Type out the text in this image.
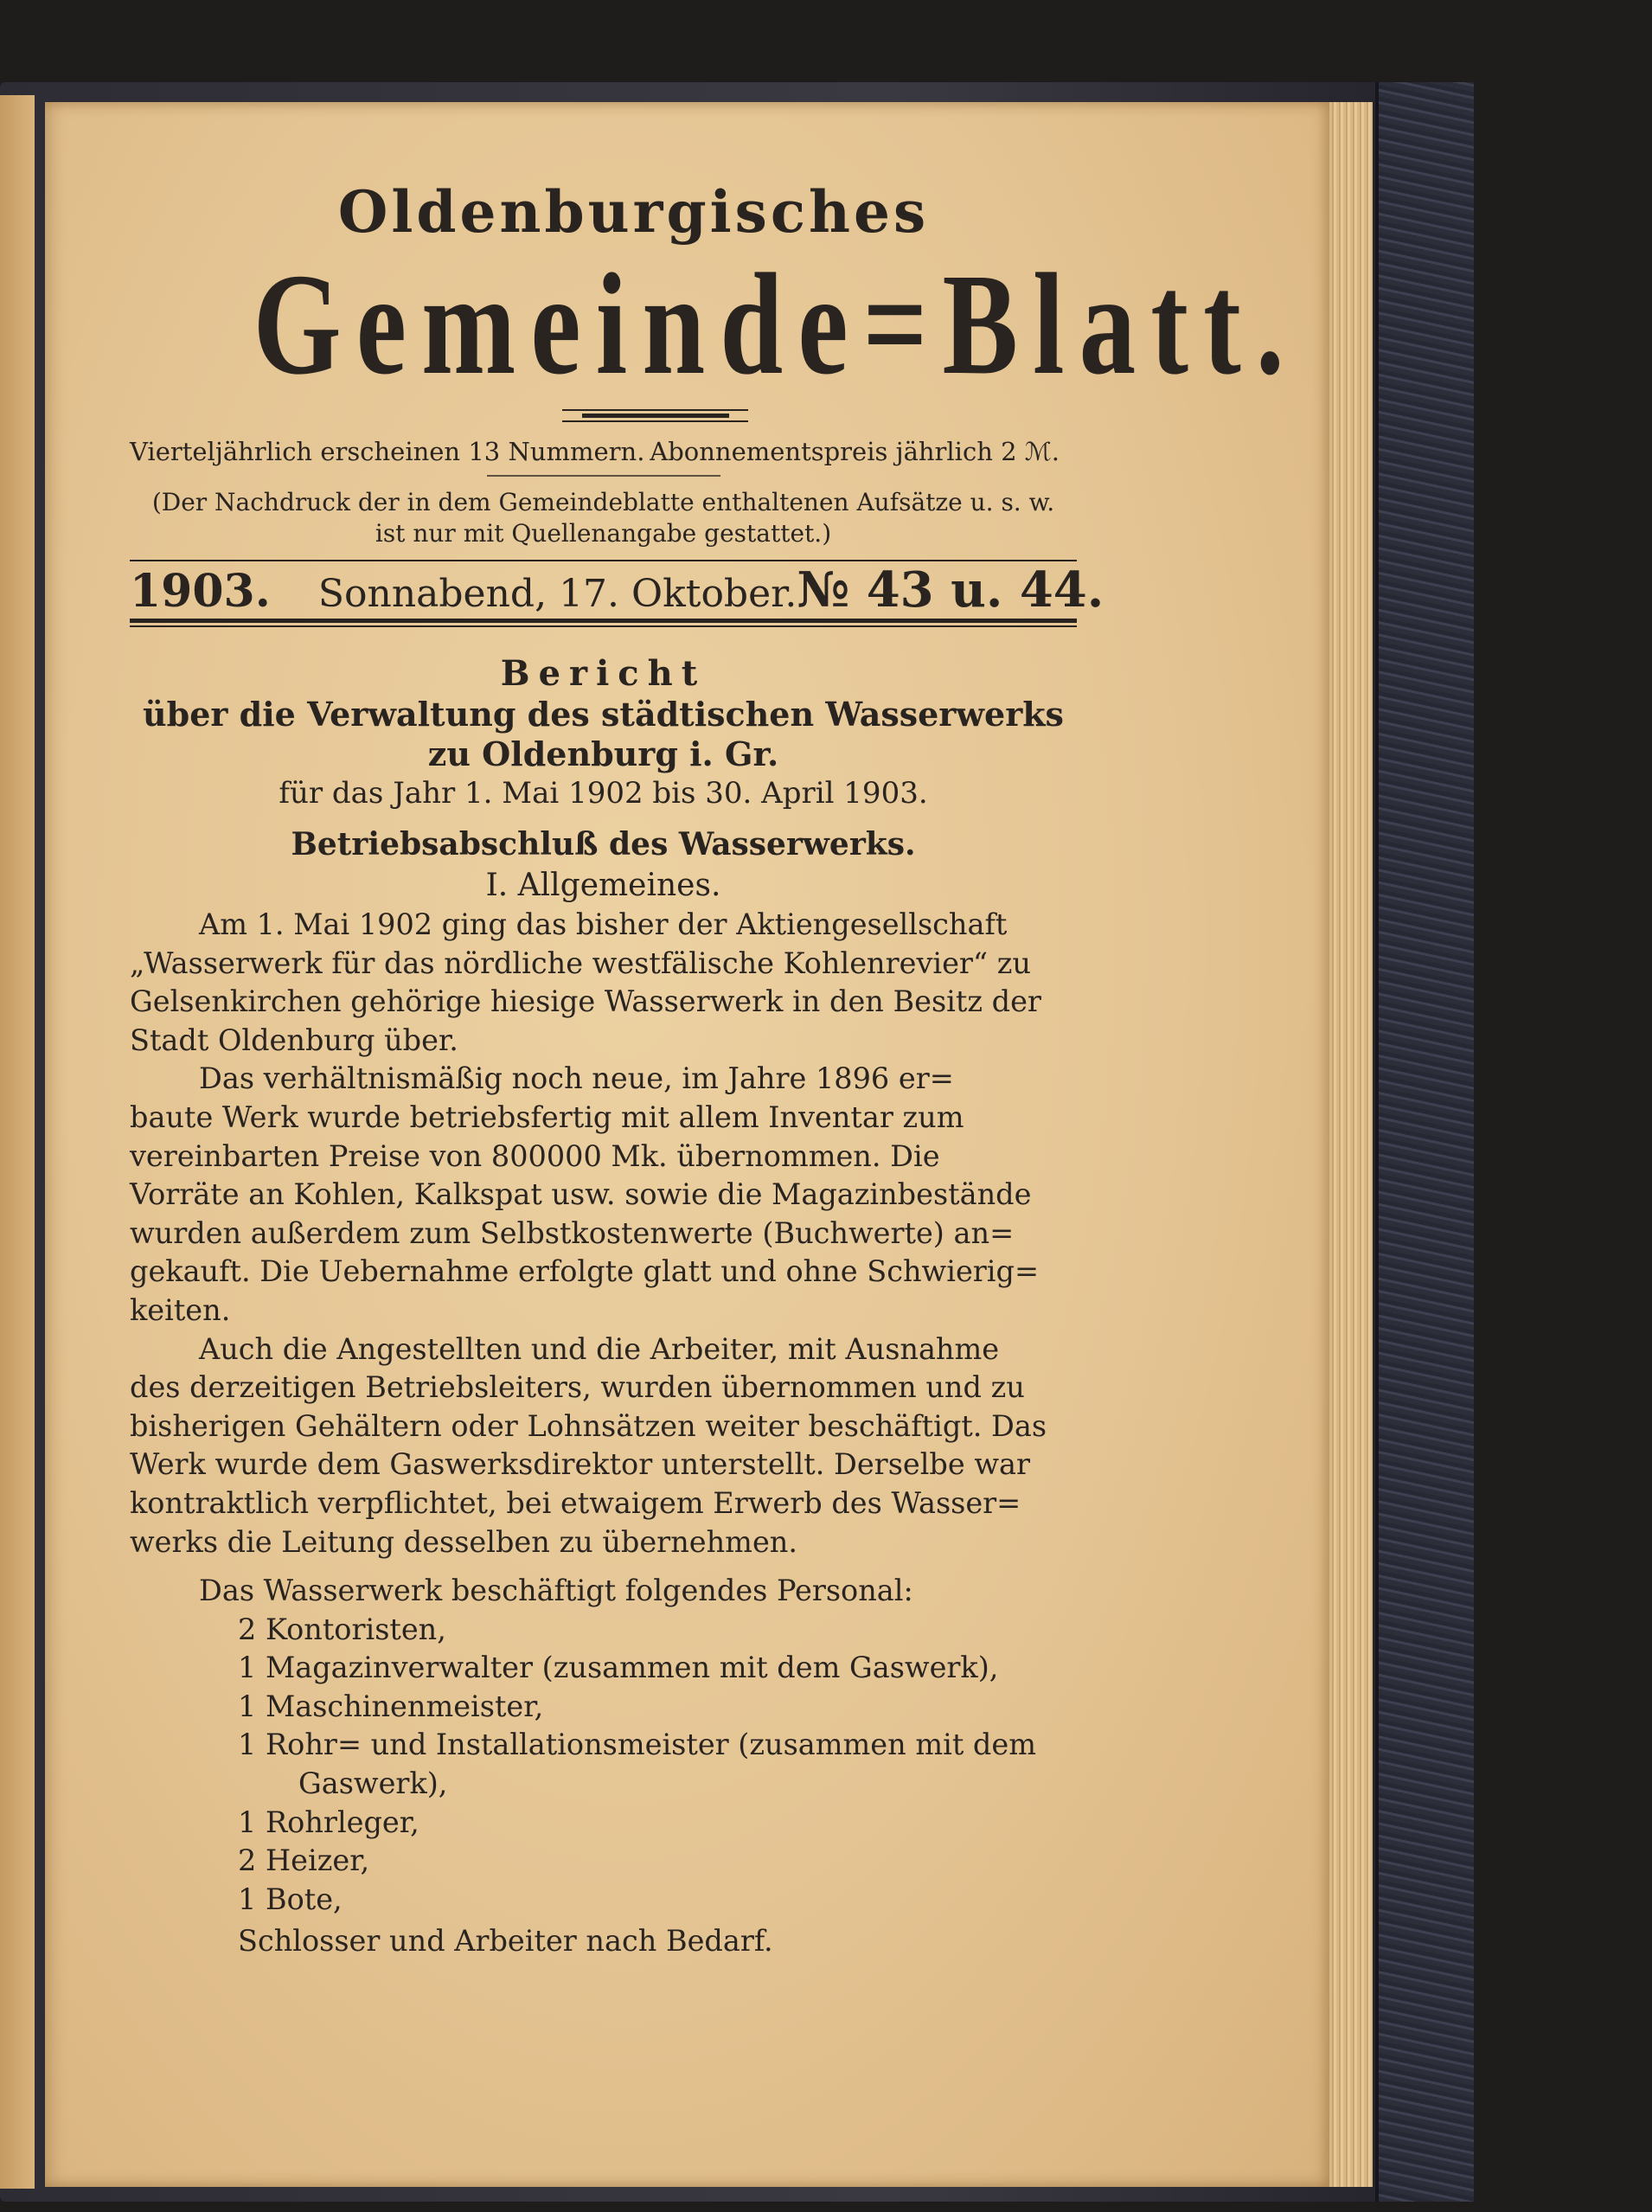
Oldenburgisches
Gemeinde=Blatt.
Vierteljährlich erscheinen 13 Nummern. Abonnementspreis jährlich 2 ℳ.
(Der Nachdruck der in dem Gemeindeblatte enthaltenen Aufsätze u. s. w.
ist nur mit Quellenangabe gestattet.)
1903. Sonnabend, 17. Oktober. № 43 u. 44.
Bericht
über die Verwaltung des städtischen Wasserwerks
zu Oldenburg i. Gr.
für das Jahr 1. Mai 1902 bis 30. April 1903.
Betriebsabschluß des Wasserwerks.
I. Allgemeines.
Am 1. Mai 1902 ging das bisher der Aktiengesellschaft
„Wasserwerk für das nördliche westfälische Kohlenrevier“ zu
Gelsenkirchen gehörige hiesige Wasserwerk in den Besitz der
Stadt Oldenburg über.
Das verhältnismäßig noch neue, im Jahre 1896 er=
baute Werk wurde betriebsfertig mit allem Inventar zum
vereinbarten Preise von 800000 Mk. übernommen. Die
Vorräte an Kohlen, Kalkspat usw. sowie die Magazinbestände
wurden außerdem zum Selbstkostenwerte (Buchwerte) an=
gekauft. Die Uebernahme erfolgte glatt und ohne Schwierig=
keiten.
Auch die Angestellten und die Arbeiter, mit Ausnahme
des derzeitigen Betriebsleiters, wurden übernommen und zu
bisherigen Gehältern oder Lohnsätzen weiter beschäftigt. Das
Werk wurde dem Gaswerksdirektor unterstellt. Derselbe war
kontraktlich verpflichtet, bei etwaigem Erwerb des Wasser=
werks die Leitung desselben zu übernehmen.
Das Wasserwerk beschäftigt folgendes Personal:
2 Kontoristen,
1 Magazinverwalter (zusammen mit dem Gaswerk),
1 Maschinenmeister,
1 Rohr= und Installationsmeister (zusammen mit dem
Gaswerk),
1 Rohrleger,
2 Heizer,
1 Bote,
Schlosser und Arbeiter nach Bedarf.
